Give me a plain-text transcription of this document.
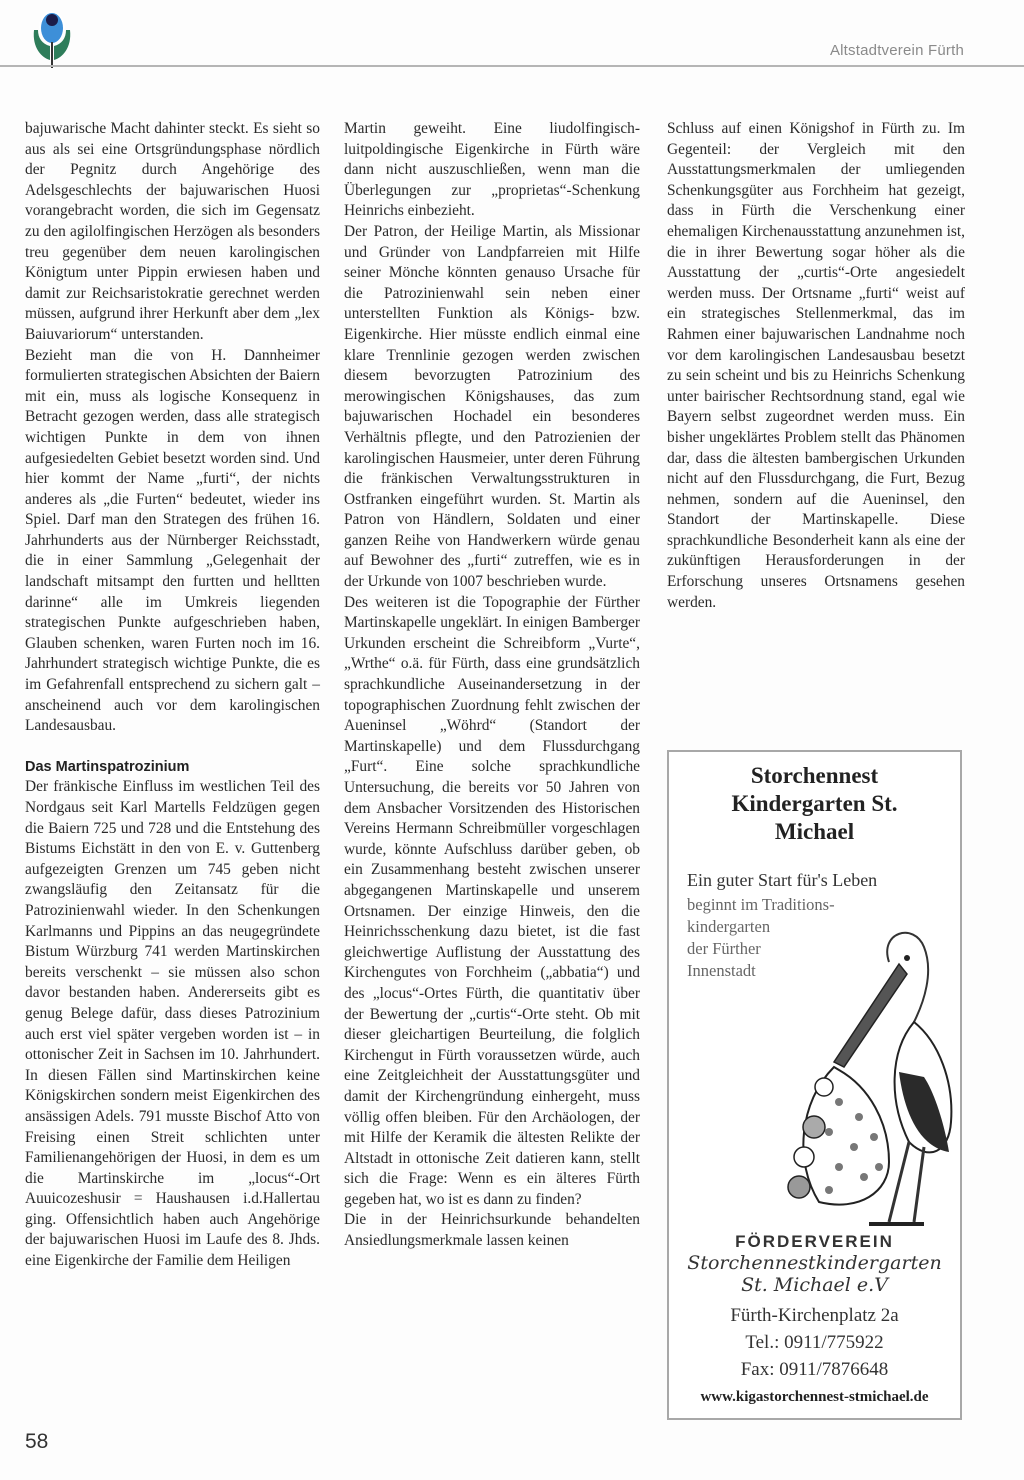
Altstadtverein Fürth

bajuwarische Macht dahinter steckt. Es sieht so aus als sei eine Ortsgründungsphase nördlich der Pegnitz durch Angehörige des Adelsgeschlechts der bajuwarischen Huosi vorangebracht worden, die sich im Gegensatz zu den agilolfingischen Herzögen als besonders treu gegenüber dem neuen karolingischen Königtum unter Pippin erwiesen haben und damit zur Reichsaristokratie gerechnet werden müssen, aufgrund ihrer Herkunft aber dem „lex Baiuvariorum“ unterstanden.

Bezieht man die von H. Dannheimer formulierten strategischen Absichten der Baiern mit ein, muss als logische Konsequenz in Betracht gezogen werden, dass alle strategisch wichtigen Punkte in dem von ihnen aufgesiedelten Gebiet besetzt worden sind. Und hier kommt der Name „furti“, der nichts anderes als „die Furten“ bedeutet, wieder ins Spiel. Darf man den Strategen des frühen 16. Jahrhunderts aus der Nürnberger Reichsstadt, die in einer Sammlung „Gelegenhait der landschaft mitsampt den furtten und helltten darinne“ alle im Umkreis liegenden strategischen Punkte aufgeschrieben haben, Glauben schenken, waren Furten noch im 16. Jahrhundert strategisch wichtige Punkte, die es im Gefahrenfall entsprechend zu sichern galt – anscheinend auch vor dem karolingischen Landesausbau.

Das Martinspatrozinium

Der fränkische Einfluss im westlichen Teil des Nordgaus seit Karl Martells Feldzügen gegen die Baiern 725 und 728 und die Entstehung des Bistums Eichstätt in den von E. v. Guttenberg aufgezeigten Grenzen um 745 geben nicht zwangsläufig den Zeitansatz für die Patrozinienwahl wieder. In den Schenkungen Karlmanns und Pippins an das neugegründete Bistum Würzburg 741 werden Martinskirchen bereits verschenkt – sie müssen also schon davor bestanden haben. Andererseits gibt es genug Belege dafür, dass dieses Patrozinium auch erst viel später vergeben worden ist – in ottonischer Zeit in Sachsen im 10. Jahrhundert. In diesen Fällen sind Martinskirchen keine Königskirchen sondern meist Eigenkirchen des ansässigen Adels. 791 musste Bischof Atto von Freising einen Streit schlichten unter Familienangehörigen der Huosi, in dem es um die Martinskirche im „locus“-Ort Auuicozeshusir = Haushausen i.d.Hallertau ging. Offensichtlich haben auch Angehörige der bajuwarischen Huosi im Laufe des 8. Jhds. eine Eigenkirche der Familie dem Heiligen

Martin geweiht. Eine liudolfingisch-luitpoldingische Eigenkirche in Fürth wäre dann nicht auszuschließen, wenn man die Überlegungen zur „proprietas“-Schenkung Heinrichs einbezieht.

Der Patron, der Heilige Martin, als Missionar und Gründer von Landpfarreien mit Hilfe seiner Mönche könnten genauso Ursache für die Patrozinienwahl sein neben einer unterstellten Funktion als Königs- bzw. Eigenkirche. Hier müsste endlich einmal eine klare Trennlinie gezogen werden zwischen diesem bevorzugten Patrozinium des merowingischen Königshauses, das zum bajuwarischen Hochadel ein besonderes Verhältnis pflegte, und den Patrozienien der karolingischen Hausmeier, unter deren Führung die fränkischen Verwaltungsstrukturen in Ostfranken eingeführt wurden. St. Martin als Patron von Händlern, Soldaten und einer ganzen Reihe von Handwerkern würde genau auf Bewohner des „furti“ zutreffen, wie es in der Urkunde von 1007 beschrieben wurde.

Des weiteren ist die Topographie der Fürther Martinskapelle ungeklärt. In einigen Bamberger Urkunden erscheint die Schreibform „Vurte“, „Wrthe“ o.ä. für Fürth, dass eine grundsätzlich sprachkundliche Auseinandersetzung in der topographischen Zuordnung fehlt zwischen der Aueninsel „Wöhrd“ (Standort der Martinskapelle) und dem Flussdurchgang „Furt“. Eine solche sprachkundliche Untersuchung, die bereits vor 50 Jahren von dem Ansbacher Vorsitzenden des Historischen Vereins Hermann Schreibmüller vorgeschlagen wurde, könnte Aufschluss darüber geben, ob ein Zusammenhang besteht zwischen unserer abgegangenen Martinskapelle und unserem Ortsnamen. Der einzige Hinweis, den die Heinrichsschenkung dazu bietet, ist die fast gleichwertige Auflistung der Ausstattung des Kirchengutes von Forchheim („abbatia“) und des „locus“-Ortes Fürth, die quantitativ über der Bewertung der „curtis“-Orte steht. Ob mit dieser gleichartigen Beurteilung, die folglich Kirchengut in Fürth voraussetzen würde, auch eine Zeitgleichheit der Ausstattungsgüter und damit der Kirchengründung einhergeht, muss völlig offen bleiben. Für den Archäologen, der mit Hilfe der Keramik die ältesten Relikte der Altstadt in ottonische Zeit datieren kann, stellt sich die Frage: Wenn es ein älteres Fürth gegeben hat, wo ist es dann zu finden?

Die in der Heinrichsurkunde behandelten Ansiedlungsmerkmale lassen keinen

Schluss auf einen Königshof in Fürth zu. Im Gegenteil: der Vergleich mit den Ausstattungsmerkmalen der umliegenden Schenkungsgüter aus Forchheim hat gezeigt, dass in Fürth die Verschenkung einer ehemaligen Kirchenausstattung anzunehmen ist, die in ihrer Bewertung sogar höher als die Ausstattung der „curtis“-Orte angesiedelt werden muss. Der Ortsname „furti“ weist auf ein strategisches Stellenmerkmal, das im Rahmen einer bajuwarischen Landnahme noch vor dem karolingischen Landesausbau besetzt zu sein scheint und bis zu Heinrichs Schenkung unter bairischer Rechtsordnung stand, egal wie Bayern selbst zugeordnet werden muss. Ein bisher ungeklärtes Problem stellt das Phänomen dar, dass die ältesten bambergischen Urkunden nicht auf den Flussdurchgang, die Furt, Bezug nehmen, sondern auf die Aueninsel, den Standort der Martinskapelle. Diese sprachkundliche Besonderheit kann als eine der zukünftigen Herausforderungen in der Erforschung unseres Ortsnamens gesehen werden.

Storchennest
Kindergarten St.
Michael
Ein guter Start für's Leben
beginnt im Traditions-
kindergarten
der Fürther
Innenstadt
FÖRDERVEREIN
Storchennestkindergarten
St. Michael e.V
Fürth-Kirchenplatz 2a
Tel.: 0911/775922
Fax: 0911/7876648
www.kigastorchennest-stmichael.de
58
